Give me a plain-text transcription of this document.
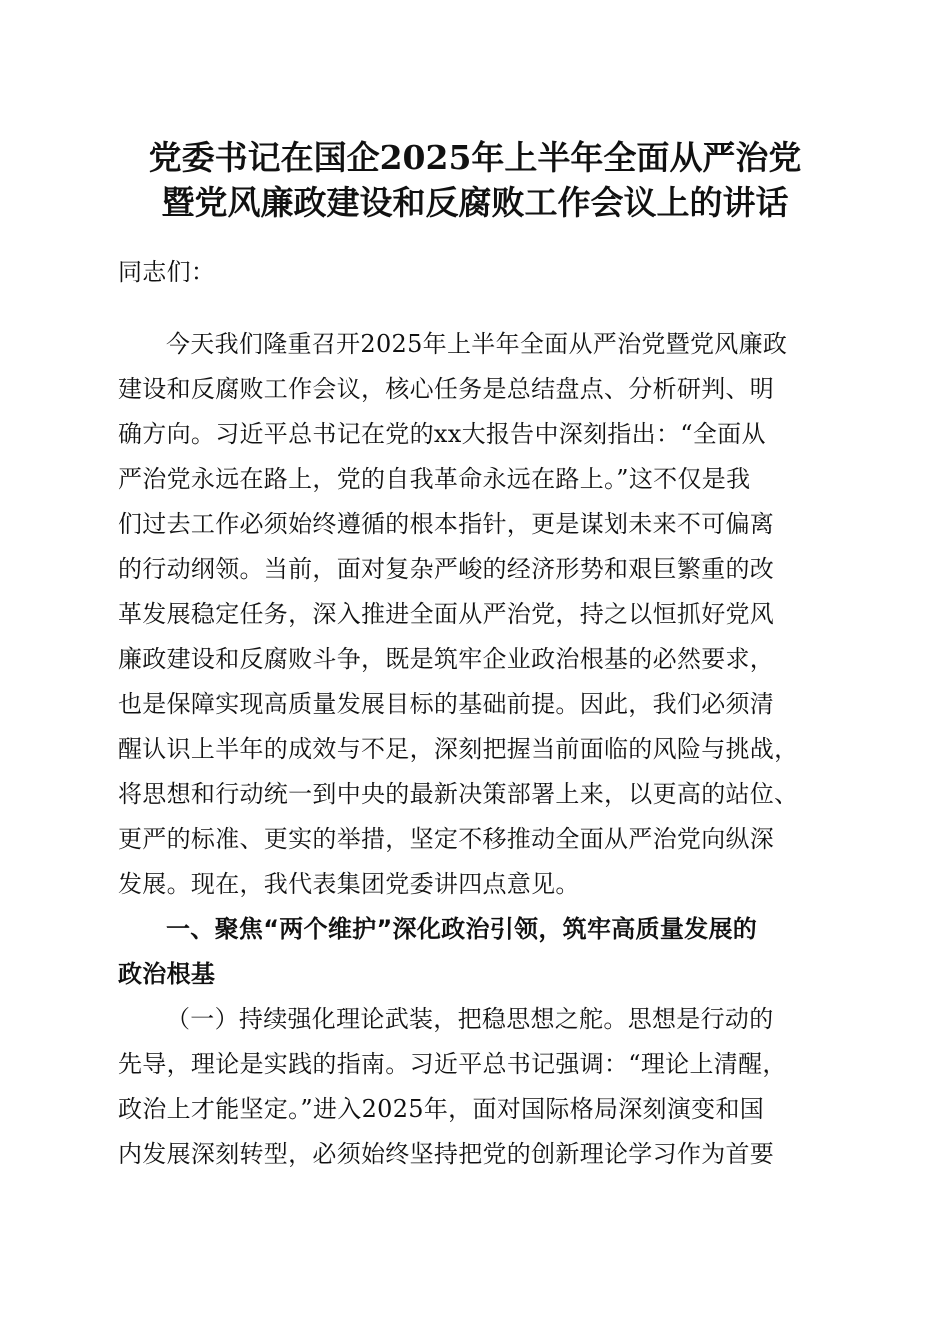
党委书记在国企2025年上半年全面从严治党
暨党风廉政建设和反腐败工作会议上的讲话
同志们：
今天我们隆重召开2025年上半年全面从严治党暨党风廉政
建设和反腐败工作会议，核心任务是总结盘点、分析研判、明
确方向。习近平总书记在党的xx大报告中深刻指出：“全面从
严治党永远在路上，党的自我革命永远在路上。”这不仅是我
们过去工作必须始终遵循的根本指针，更是谋划未来不可偏离
的行动纲领。当前，面对复杂严峻的经济形势和艰巨繁重的改
革发展稳定任务，深入推进全面从严治党，持之以恒抓好党风
廉政建设和反腐败斗争，既是筑牢企业政治根基的必然要求，
也是保障实现高质量发展目标的基础前提。因此，我们必须清
醒认识上半年的成效与不足，深刻把握当前面临的风险与挑战，
将思想和行动统一到中央的最新决策部署上来，以更高的站位、
更严的标准、更实的举措，坚定不移推动全面从严治党向纵深
发展。现在，我代表集团党委讲四点意见。
一、聚焦“两个维护”深化政治引领，筑牢高质量发展的
政治根基
（一）持续强化理论武装，把稳思想之舵。思想是行动的
先导，理论是实践的指南。习近平总书记强调：“理论上清醒，
政治上才能坚定。”进入2025年，面对国际格局深刻演变和国
内发展深刻转型，必须始终坚持把党的创新理论学习作为首要
